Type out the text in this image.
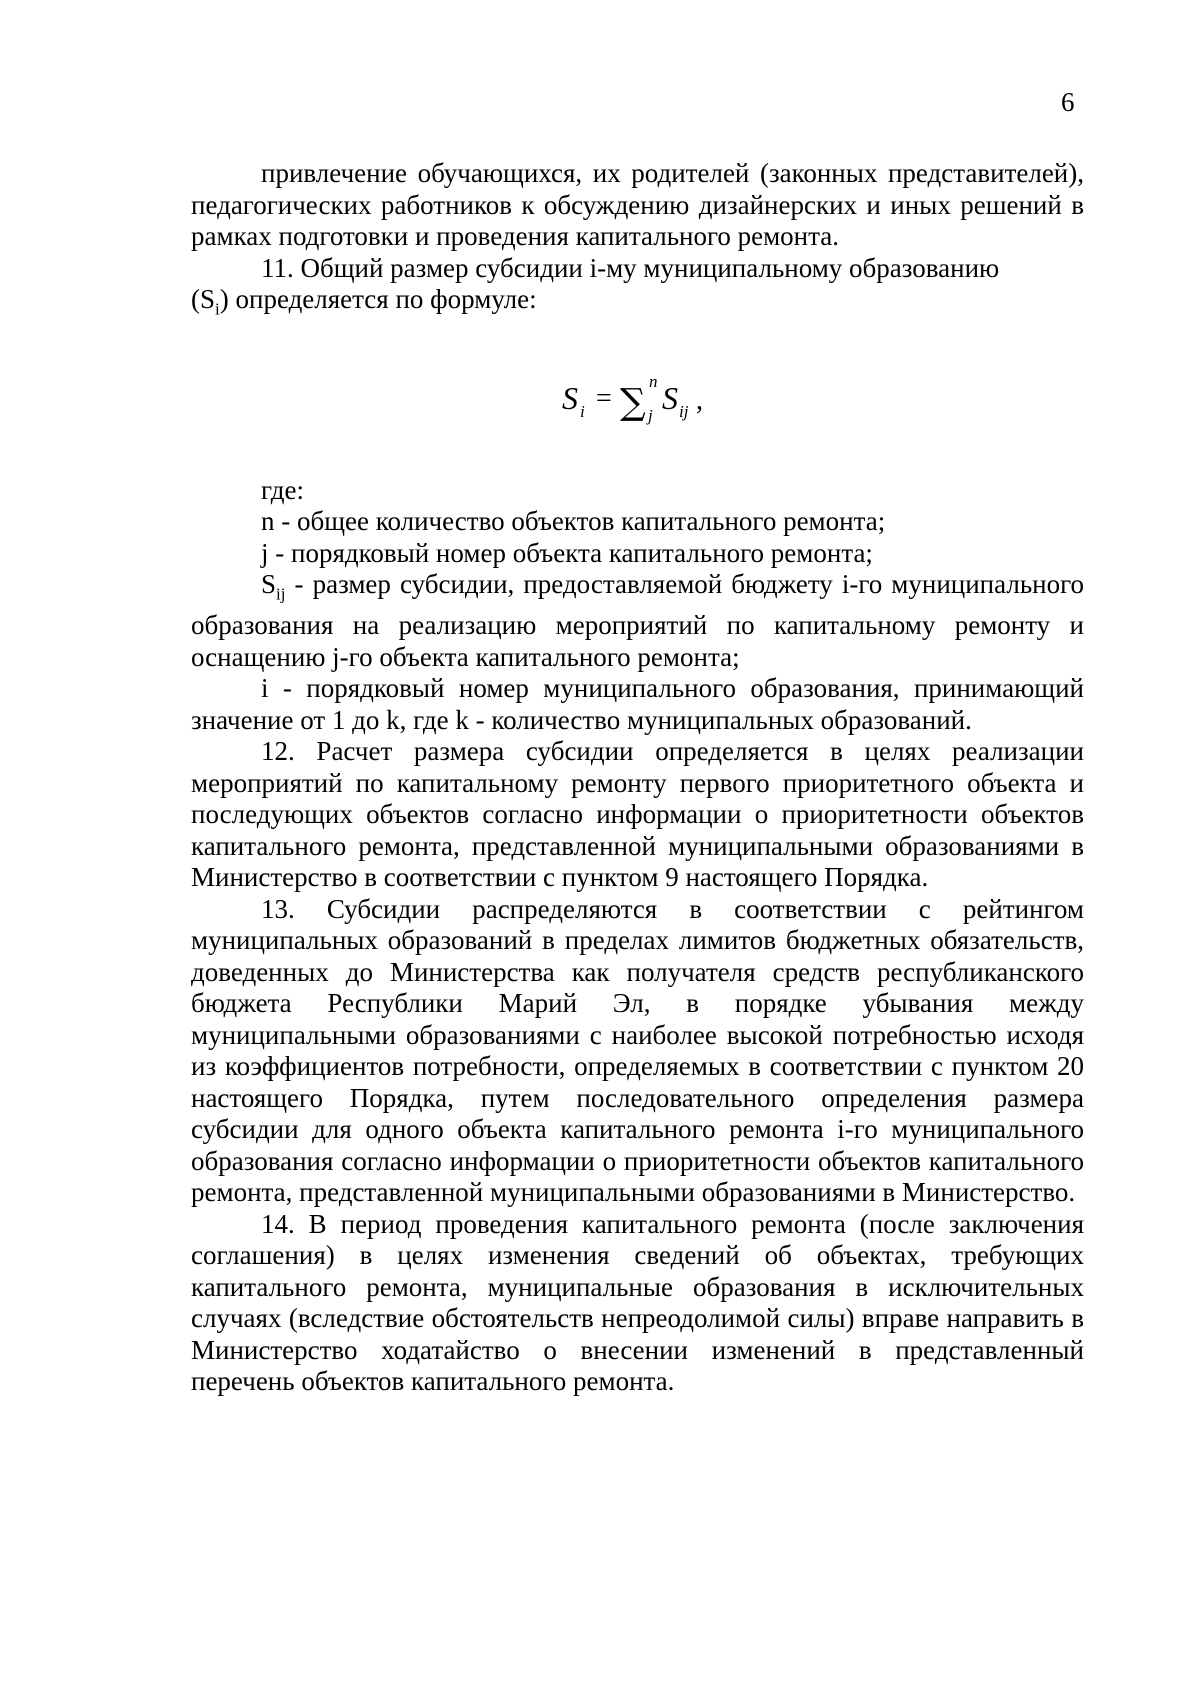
6

привлечение обучающихся, их родителей (законных представителей), педагогических работников к обсуждению дизайнерских и иных решений в рамках подготовки и проведения капитального ремонта.

11. Общий размер субсидии i-му муниципальному образованию

$(S_i)$ определяется по формуле:

S i = ∑
n
j S ij ,

где:

n - общее количество объектов капитального ремонта;

j - порядковый номер объекта капитального ремонта;

$S_{ij}$ - размер субсидии, предоставляемой бюджету i-го муниципального образования на реализацию мероприятий по капитальному ремонту и оснащению j-го объекта капитального ремонта;

i - порядковый номер муниципального образования, принимающий значение от 1 до k, где k - количество муниципальных образований.

12. Расчет размера субсидии определяется в целях реализации мероприятий по капитальному ремонту первого приоритетного объекта и последующих объектов согласно информации о приоритетности объектов капитального ремонта, представленной муниципальными образованиями в Министерство в соответствии с пунктом 9 настоящего Порядка.

13. Субсидии распределяются в соответствии с рейтингом муниципальных образований в пределах лимитов бюджетных обязательств, доведенных до Министерства как получателя средств республиканского бюджета Республики Марий Эл, в порядке убывания между муниципальными образованиями с наиболее высокой потребностью исходя из коэффициентов потребности, определяемых в соответствии с пунктом 20 настоящего Порядка, путем последовательного определения размера субсидии для одного объекта капитального ремонта i-го муниципального образования согласно информации о приоритетности объектов капитального ремонта, представленной муниципальными образованиями в Министерство.

14. В период проведения капитального ремонта (после заключения соглашения) в целях изменения сведений об объектах, требующих капитального ремонта, муниципальные образования в исключительных случаях (вследствие обстоятельств непреодолимой силы) вправе направить в Министерство ходатайство о внесении изменений в представленный перечень объектов капитального ремонта.
